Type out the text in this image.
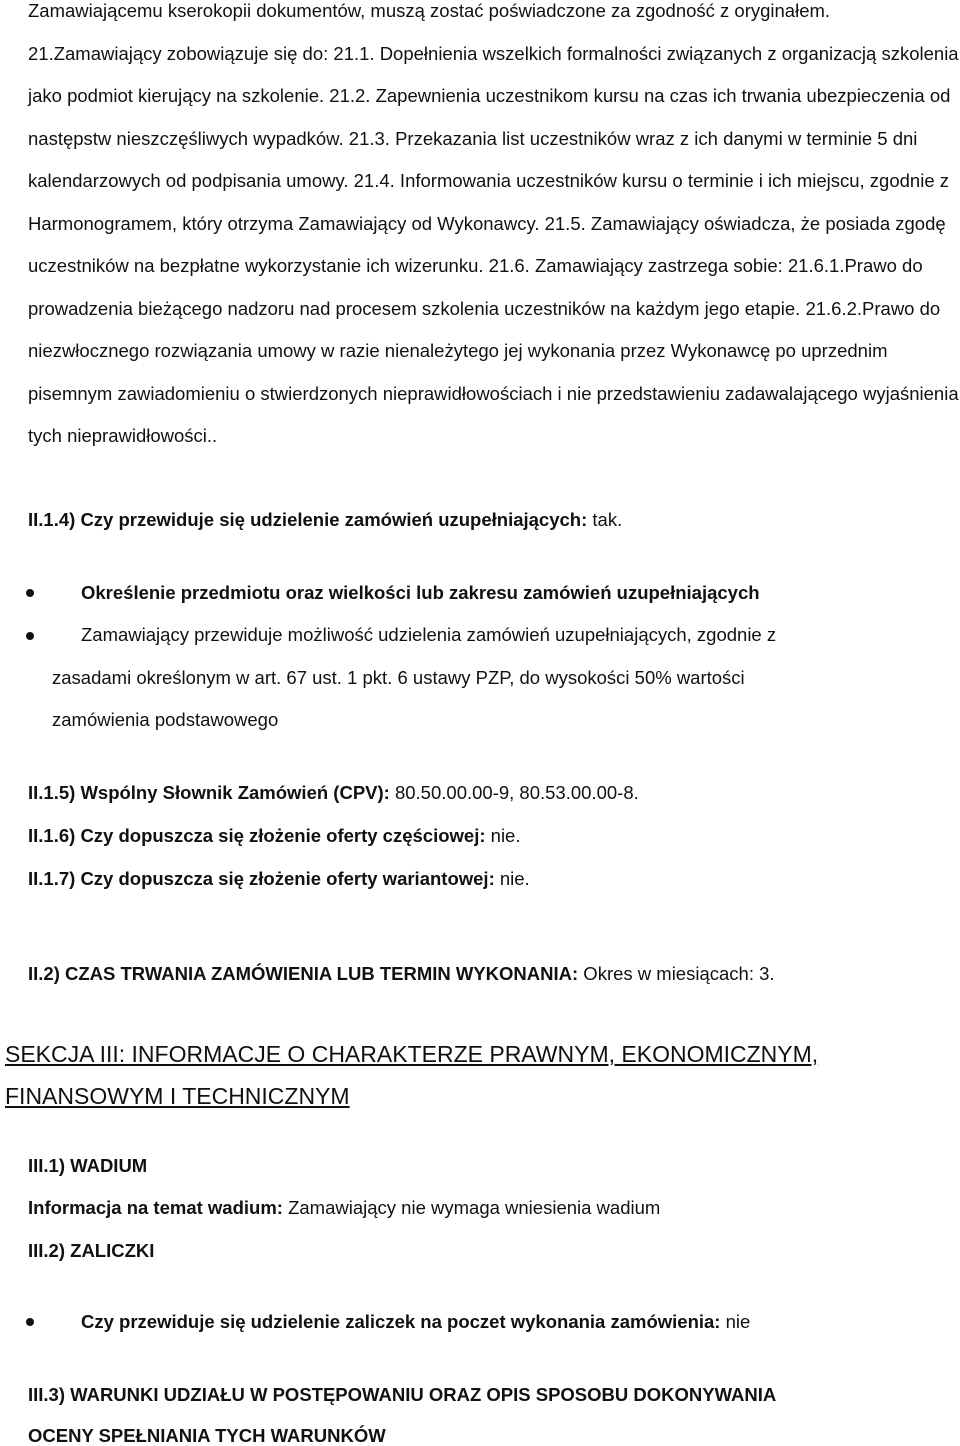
Zamawiającemu kserokopii dokumentów, muszą zostać poświadczone za zgodność z oryginałem. 21.Zamawiający zobowiązuje się do: 21.1. Dopełnienia wszelkich formalności związanych z organizacją szkolenia jako podmiot kierujący na szkolenie. 21.2. Zapewnienia uczestnikom kursu na czas ich trwania ubezpieczenia od następstw nieszczęśliwych wypadków. 21.3. Przekazania list uczestników wraz z ich danymi w terminie 5 dni kalendarzowych od podpisania umowy. 21.4. Informowania uczestników kursu o terminie i ich miejscu, zgodnie z Harmonogramem, który otrzyma Zamawiający od Wykonawcy. 21.5. Zamawiający oświadcza, że posiada zgodę uczestników na bezpłatne wykorzystanie ich wizerunku. 21.6. Zamawiający zastrzega sobie: 21.6.1.Prawo do prowadzenia bieżącego nadzoru nad procesem szkolenia uczestników na każdym jego etapie. 21.6.2.Prawo do niezwłocznego rozwiązania umowy w razie nienależytego jej wykonania przez Wykonawcę po uprzednim pisemnym zawiadomieniu o stwierdzonych nieprawidłowościach i nie przedstawieniu zadawalającego wyjaśnienia tych nieprawidłowości..

II.1.4) Czy przewiduje się udzielenie zamówień uzupełniających: tak.

Określenie przedmiotu oraz wielkości lub zakresu zamówień uzupełniających

Zamawiający przewiduje możliwość udzielenia zamówień uzupełniających, zgodnie z

zasadami określonym w art. 67 ust. 1 pkt. 6 ustawy PZP, do wysokości 50% wartości

zamówienia podstawowego

II.1.5) Wspólny Słownik Zamówień (CPV): 80.50.00.00-9, 80.53.00.00-8.

II.1.6) Czy dopuszcza się złożenie oferty częściowej: nie.

II.1.7) Czy dopuszcza się złożenie oferty wariantowej: nie.

II.2) CZAS TRWANIA ZAMÓWIENIA LUB TERMIN WYKONANIA: Okres w miesiącach: 3.

SEKCJA III: INFORMACJE O CHARAKTERZE PRAWNYM, EKONOMICZNYM,

FINANSOWYM I TECHNICZNYM

III.1) WADIUM

Informacja na temat wadium: Zamawiający nie wymaga wniesienia wadium

III.2) ZALICZKI

Czy przewiduje się udzielenie zaliczek na poczet wykonania zamówienia: nie

III.3) WARUNKI UDZIAŁU W POSTĘPOWANIU ORAZ OPIS SPOSOBU DOKONYWANIA

OCENY SPEŁNIANIA TYCH WARUNKÓW
